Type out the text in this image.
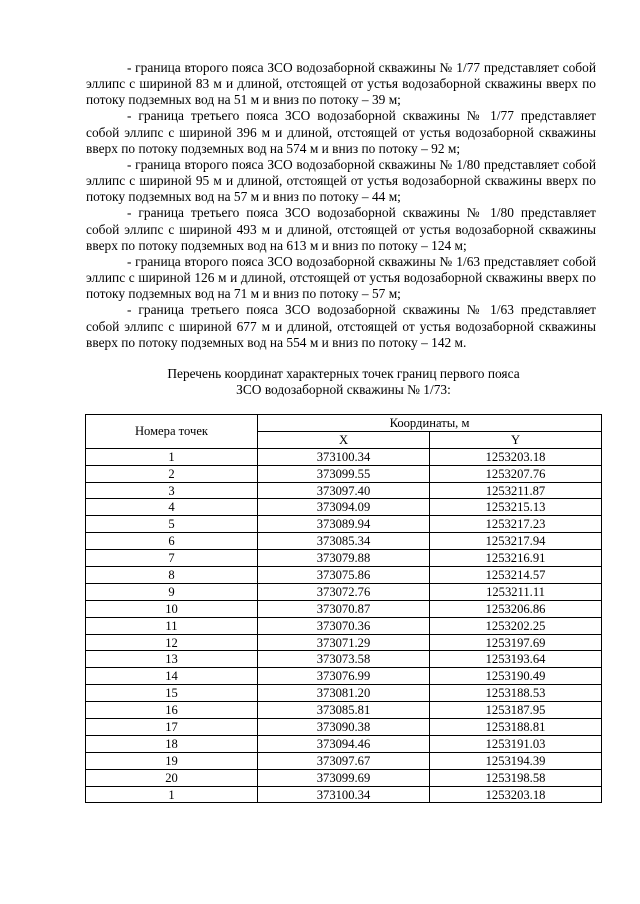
- граница второго пояса ЗСО водозаборной скважины № 1/77 представляет собой эллипс с шириной 83 м и длиной, отстоящей от устья водозаборной скважины вверх по потоку подземных вод на 51 м и вниз по потоку – 39 м;

- граница третьего пояса ЗСО водозаборной скважины № 1/77 представляет собой эллипс с шириной 396 м и длиной, отстоящей от устья водозаборной скважины вверх по потоку подземных вод на 574 м и вниз по потоку – 92 м;

- граница второго пояса ЗСО водозаборной скважины № 1/80 представляет собой эллипс с шириной 95 м и длиной, отстоящей от устья водозаборной скважины вверх по потоку подземных вод на 57 м и вниз по потоку – 44 м;

- граница третьего пояса ЗСО водозаборной скважины № 1/80 представляет собой эллипс с шириной 493 м и длиной, отстоящей от устья водозаборной скважины вверх по потоку подземных вод на 613 м и вниз по потоку – 124 м;

- граница второго пояса ЗСО водозаборной скважины № 1/63 представляет собой эллипс с шириной 126 м и длиной, отстоящей от устья водозаборной скважины вверх по потоку подземных вод на 71 м и вниз по потоку – 57 м;

- граница третьего пояса ЗСО водозаборной скважины № 1/63 представляет собой эллипс с шириной 677 м и длиной, отстоящей от устья водозаборной скважины вверх по потоку подземных вод на 554 м и вниз по потоку – 142 м.

Перечень координат характерных точек границ первого пояса
ЗСО водозаборной скважины № 1/73:
Номера точек	Координаты, м	
	X	Y
1	373100.34	1253203.18
2	373099.55	1253207.76
3	373097.40	1253211.87
4	373094.09	1253215.13
5	373089.94	1253217.23
6	373085.34	1253217.94
7	373079.88	1253216.91
8	373075.86	1253214.57
9	373072.76	1253211.11
10	373070.87	1253206.86
11	373070.36	1253202.25
12	373071.29	1253197.69
13	373073.58	1253193.64
14	373076.99	1253190.49
15	373081.20	1253188.53
16	373085.81	1253187.95
17	373090.38	1253188.81
18	373094.46	1253191.03
19	373097.67	1253194.39
20	373099.69	1253198.58
1	373100.34	1253203.18
